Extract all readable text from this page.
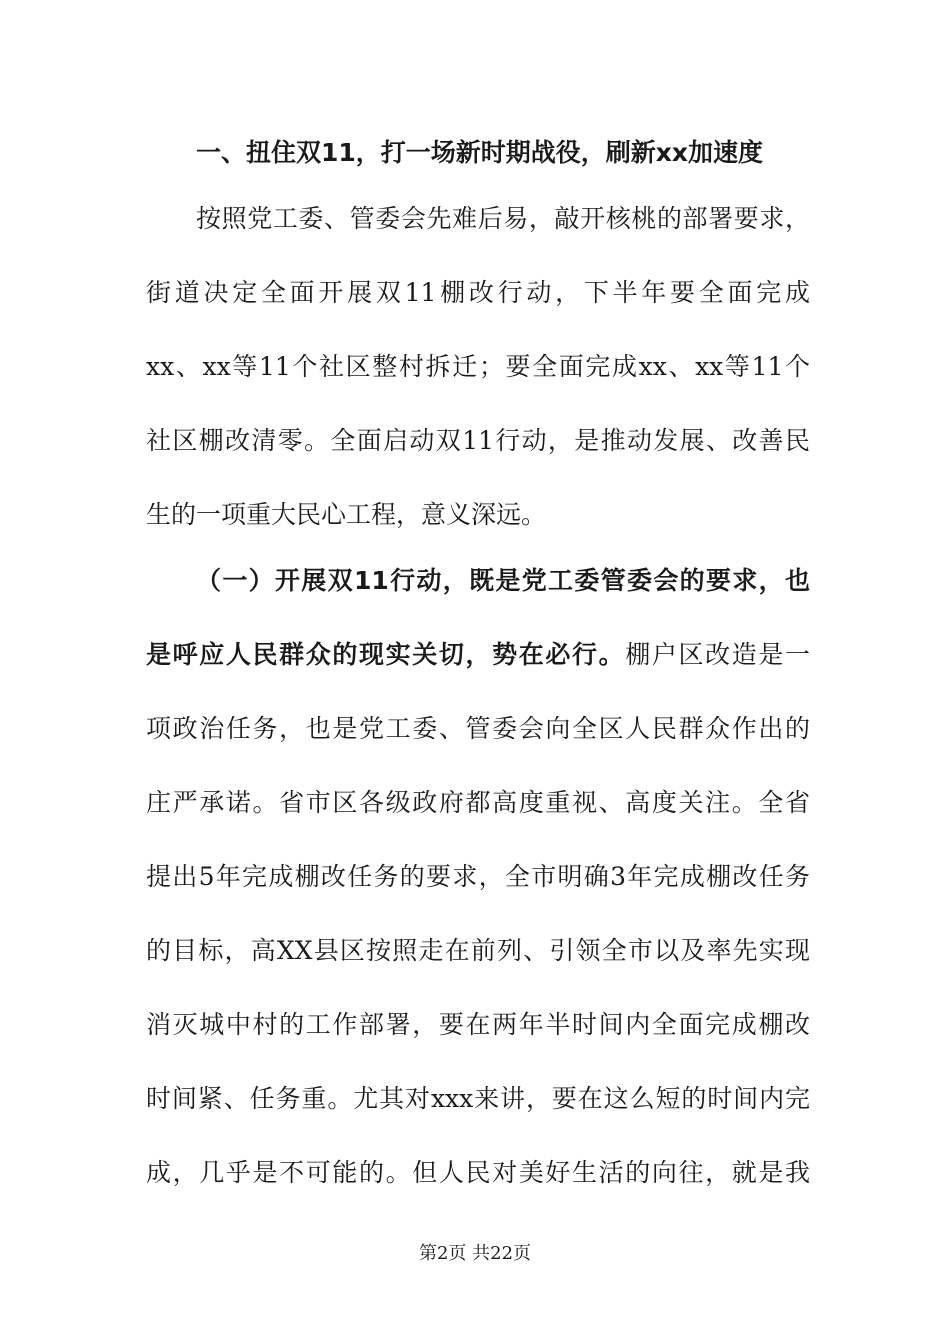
一、扭住双11，打一场新时期战役，刷新xx加速度
按照党工委、管委会先难后易，敲开核桃的部署要求，
街道决定全面开展双11棚改行动，下半年要全面完成
xx、xx等11个社区整村拆迁；要全面完成xx、xx等11个
社区棚改清零。全面启动双11行动，是推动发展、改善民
生的一项重大民心工程，意义深远。
（一）开展双11行动，既是党工委管委会的要求，也
是呼应人民群众的现实关切，势在必行。棚户区改造是一
项政治任务，也是党工委、管委会向全区人民群众作出的
庄严承诺。省市区各级政府都高度重视、高度关注。全省
提出5年完成棚改任务的要求，全市明确3年完成棚改任务
的目标，高XX县区按照走在前列、引领全市以及率先实现
消灭城中村的工作部署，要在两年半时间内全面完成棚改
时间紧、任务重。尤其对xxx来讲，要在这么短的时间内完
成，几乎是不可能的。但人民对美好生活的向往，就是我
第2页 共22页
